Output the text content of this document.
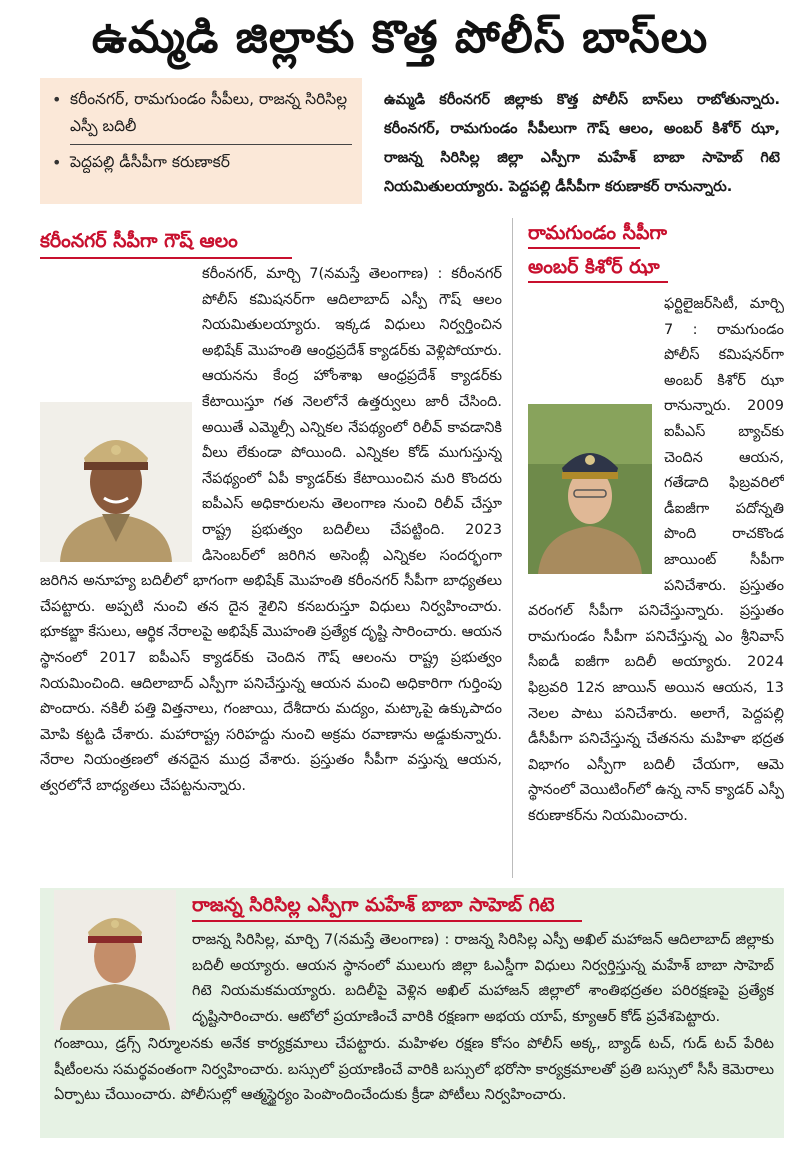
ఉమ్మడి జిల్లాకు కొత్త పోలీస్ బాస్‌లు
• కరీంనగర్, రామగుండం సీపీలు, రాజన్న సిరిసిల్ల ఎస్పీ బదిలీ
• పెద్దపల్లి డీసీపీగా కరుణాకర్
ఉమ్మడి కరీంనగర్ జిల్లాకు కొత్త పోలీస్ బాస్‌లు రాబోతున్నారు. కరీంనగర్, రామగుండం సీపీలుగా గౌష్ ఆలం, అంబర్ కిశోర్ ఝా, రాజన్న సిరిసిల్ల జిల్లా ఎస్పీగా మహేశ్ బాబా సాహెబ్ గిటె నియమితులయ్యారు. పెద్దపల్లి డీసీపీగా కరుణాకర్ రానున్నారు.
కరీంనగర్ సీపీగా గౌష్ ఆలం
కరీంనగర్, మార్చి 7(నమస్తే తెలంగాణ) : కరీంనగర్ పోలీస్ కమిషనర్‌గా ఆదిలాబాద్ ఎస్పీ గౌష్ ఆలం నియమితులయ్యారు. ఇక్కడ విధులు నిర్వర్తించిన అభిషేక్ మొహంతి ఆంధ్రప్రదేశ్ క్యాడర్‌కు వెళ్లిపోయారు. ఆయనను కేంద్ర హోంశాఖ ఆంధ్రప్రదేశ్ క్యాడర్‌కు కేటాయిస్తూ గత నెలలోనే ఉత్తర్వులు జారీ చేసింది. అయితే ఎమ్మెల్సీ ఎన్నికల నేపథ్యంలో రిలీవ్ కావడానికి వీలు లేకుండా పోయింది. ఎన్నికల కోడ్ ముగుస్తున్న నేపథ్యంలో ఏపీ క్యాడర్‌కు కేటాయించిన మరి కొందరు ఐపీఎస్ అధికారులను తెలంగాణ నుంచి రిలీవ్ చేస్తూ రాష్ట్ర ప్రభుత్వం బదిలీలు చేపట్టింది. 2023 డిసెంబర్‌లో జరిగిన అసెంబ్లీ ఎన్నికల సందర్భంగా జరిగిన అనూహ్య బదిలీలో భాగంగా అభిషేక్ మొహంతి కరీంనగర్ సీపీగా బాధ్యతలు చేపట్టారు. అప్పటి నుంచి తన దైన శైలిని కనబరుస్తూ విధులు నిర్వహించారు. భూకబ్జా కేసులు, ఆర్థిక నేరాలపై అభిషేక్ మొహంతి ప్రత్యేక దృష్టి సారించారు. ఆయన స్థానంలో 2017 ఐపీఎస్ క్యాడర్‌కు చెందిన గౌష్ ఆలంను రాష్ట్ర ప్రభుత్వం నియమించింది. ఆదిలాబాద్ ఎస్పీగా పనిచేస్తున్న ఆయన మంచి అధికారిగా గుర్తింపు పొందారు. నకిలీ పత్తి విత్తనాలు, గంజాయి, దేశీదారు మద్యం, మట్కాపై ఉక్కుపాదం మోపి కట్టడి చేశారు. మహారాష్ట్ర సరిహద్దు నుంచి అక్రమ రవాణాను అడ్డుకున్నారు. నేరాల నియంత్రణలో తనదైన ముద్ర వేశారు. ప్రస్తుతం సీపీగా వస్తున్న ఆయన, త్వరలోనే బాధ్యతలు చేపట్టనున్నారు.
రామగుండం సీపీగా
అంబర్ కిశోర్ ఝా
ఫర్టిలైజర్‌సిటీ, మార్చి 7 : రామగుండం పోలీస్ కమిషనర్‌గా అంబర్ కిశోర్ ఝా రానున్నారు. 2009 ఐపీఎస్ బ్యాచ్‌కు చెందిన ఆయన, గతేడాది ఫిబ్రవరిలో డీఐజీగా పదోన్నతి పొంది రాచకొండ జాయింట్ సీపీగా పనిచేశారు. ప్రస్తుతం వరంగల్ సీపీగా పనిచేస్తున్నారు. ప్రస్తుతం రామగుండం సీపీగా పనిచేస్తున్న ఎం శ్రీనివాస్ సీఐడీ ఐజీగా బదిలీ అయ్యారు. 2024 ఫిబ్రవరి 12న జాయిన్ అయిన ఆయన, 13 నెలల పాటు పనిచేశారు. అలాగే, పెద్దపల్లి డీసీపీగా పనిచేస్తున్న చేతనను మహిళా భద్రత విభాగం ఎస్పీగా బదిలీ చేయగా, ఆమె స్థానంలో వెయిటింగ్‌లో ఉన్న నాన్ క్యాడర్ ఎస్పీ కరుణాకర్‌ను నియమించారు.
రాజన్న సిరిసిల్ల ఎస్పీగా మహేశ్ బాబా సాహెబ్ గిటె
రాజన్న సిరిసిల్ల, మార్చి 7(నమస్తే తెలంగాణ) : రాజన్న సిరిసిల్ల ఎస్పీ అఖిల్ మహాజన్ ఆదిలాబాద్ జిల్లాకు బదిలీ అయ్యారు. ఆయన స్థానంలో ములుగు జిల్లా ఓఎస్డీగా విధులు నిర్వర్తిస్తున్న మహేశ్ బాబా సాహెబ్ గిటె నియమకమయ్యారు. బదిలీపై వెళ్లిన అఖిల్ మహాజన్ జిల్లాలో శాంతిభద్రతల పరిరక్షణపై ప్రత్యేక దృష్టిసారించారు. ఆటోలో ప్రయాణించే వారికి రక్షణగా అభయ యాప్, క్యూఆర్ కోడ్ ప్రవేశపెట్టారు.
గంజాయి, డ్రగ్స్ నిర్మూలనకు అనేక కార్యక్రమాలు చేపట్టారు. మహిళల రక్షణ కోసం పోలీస్ అక్క, బ్యాడ్ టచ్, గుడ్ టచ్ పేరిట షీటీంలను సమర్థవంతంగా నిర్వహించారు. బస్సులో ప్రయాణించే వారికి బస్సులో భరోసా కార్యక్రమాలతో ప్రతి బస్సులో సీసీ కెమెరాలు ఏర్పాటు చేయించారు. పోలీసుల్లో ఆత్మస్థైర్యం పెంపొందించేందుకు క్రీడా పోటీలు నిర్వహించారు.
